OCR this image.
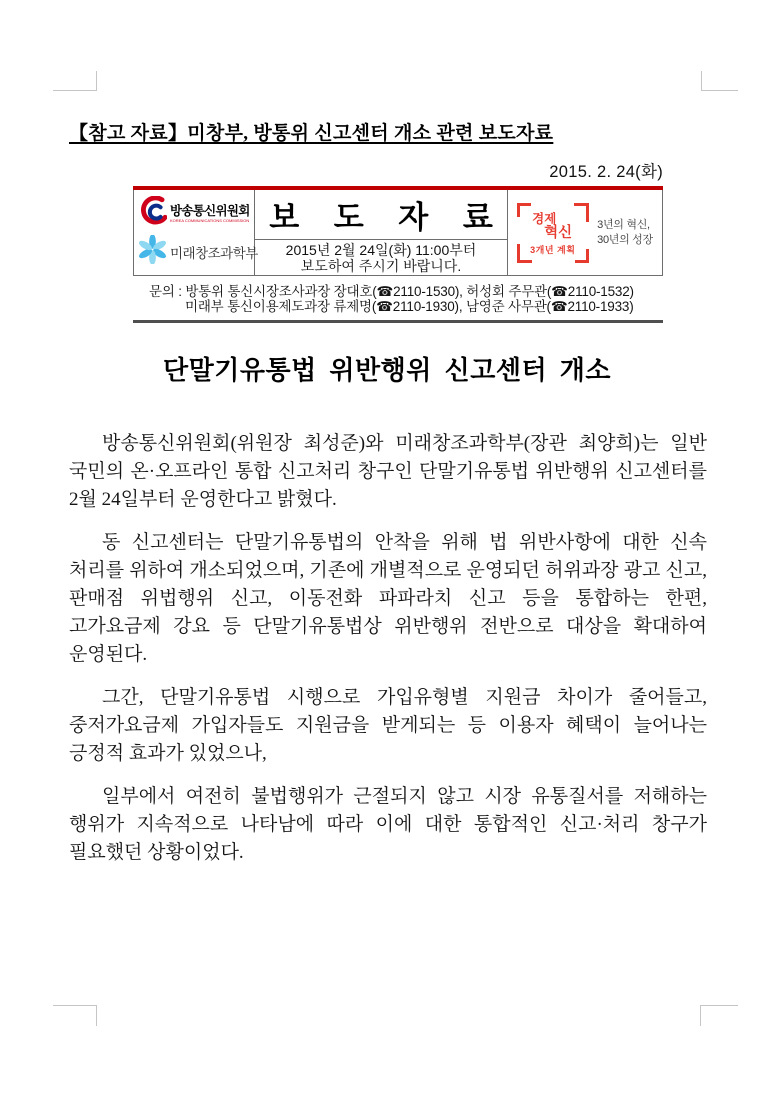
【참고 자료】미창부, 방통위 신고센터 개소 관련 보도자료
2015. 2. 24(화)
방송통신위원회
KOREA COMMUNICATIONS COMMISSION
미래창조과학부
보 도 자 료
2015년 2월 24일(화) 11:00부터
보도하여 주시기 바랍니다.
경제
혁신
3개년 계획
3년의 혁신,
30년의 성장
문의 : 방통위 통신시장조사과장 장대호(☎2110-1530), 허성회 주무관(☎2110-1532)
미래부 통신이용제도과장 류제명(☎2110-1930), 남영준 사무관(☎2110-1933)
단말기유통법 위반행위 신고센터 개소

방송통신위원회(위원장 최성준)와 미래창조과학부(장관 최양희)는 일반 국민의 온·오프라인 통합 신고처리 창구인 단말기유통법 위반행위 신고센터를 2월 24일부터 운영한다고 밝혔다.

동 신고센터는 단말기유통법의 안착을 위해 법 위반사항에 대한 신속 처리를 위하여 개소되었으며, 기존에 개별적으로 운영되던 허위과장 광고 신고, 판매점 위법행위 신고, 이동전화 파파라치 신고 등을 통합하는 한편, 고가요금제 강요 등 단말기유통법상 위반행위 전반으로 대상을 확대하여 운영된다.

그간, 단말기유통법 시행으로 가입유형별 지원금 차이가 줄어들고, 중저가요금제 가입자들도 지원금을 받게되는 등 이용자 혜택이 늘어나는 긍정적 효과가 있었으나,

일부에서 여전히 불법행위가 근절되지 않고 시장 유통질서를 저해하는 행위가 지속적으로 나타남에 따라 이에 대한 통합적인 신고·처리 창구가 필요했던 상황이었다.
